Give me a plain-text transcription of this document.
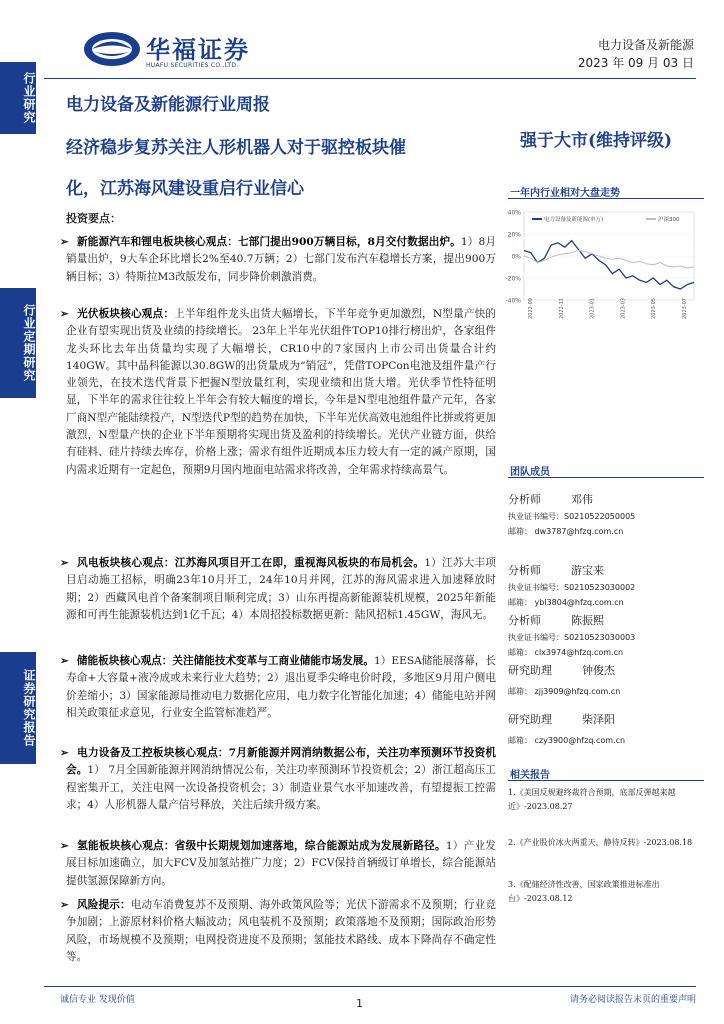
行业研究
行业定期研究
证券研究报告
华福证券
HUAFU SECURITIES CO.,LTD.
电力设备及新能源
2023 年 09 月 03 日
电力设备及新能源行业周报
经济稳步复苏关注人形机器人对于驱控板块催
化，江苏海风建设重启行业信心
强于大市(维持评级)
投资要点：
➢ 新能源汽车和锂电板块核心观点：七部门提出900万辆目标，8月交付数据出炉。1）8月销量出炉，9大车企环比增长2%至40.7万辆；2）七部门发布汽车稳增长方案，提出900万辆目标；3）特斯拉M3改版发布，同步降价刺激消费。
➢ 光伏板块核心观点：上半年组件龙头出货大幅增长，下半年竞争更加激烈，N型量产快的企业有望实现出货及业绩的持续增长。 23年上半年光伏组件TOP10排行榜出炉，各家组件龙头环比去年出货量均实现了大幅增长，CR10中的7家国内上市公司出货量合计约140GW。其中晶科能源以30.8GW的出货量成为“销冠”，凭借TOPCon电池及组件量产行业领先，在技术迭代背景下把握N型放量红利，实现业绩和出货大增。光伏季节性特征明显，下半年的需求往往较上半年会有较大幅度的增长，今年是N型电池组件量产元年，各家厂商N型产能陆续投产，N型迭代P型的趋势在加快，下半年光伏高效电池组件比拼或将更加激烈，N型量产快的企业下半年预期将实现出货及盈利的持续增长。光伏产业链方面，供给有硅料、硅片持续去库存，价格上涨；需求有组件近期成本压力较大有一定的减产原期，国内需求近期有一定起色，预期9月国内地面电站需求将改善，全年需求持续高景气。
➢ 风电板块核心观点：江苏海风项目开工在即，重视海风板块的布局机会。1）江苏大丰项目启动施工招标，明确23年10月开工，24年10月并网，江苏的海风需求进入加速释放时期；2）西藏风电首个备案制项目顺利完成；3）山东再提高新能源装机规模，2025年新能源和可再生能源装机达到1亿千瓦；4）本周招投标数据更新：陆风招标1.45GW，海风无。
➢ 储能板块核心观点：关注储能技术变革与工商业储能市场发展。1）EESA储能展落幕，长寿命+大容量+液冷成或未来行业大趋势；2）退出夏季尖峰电价时段，多地区9月用户侧电价差缩小；3）国家能源局推动电力数据化应用，电力数字化智能化加速；4）储能电站并网相关政策征求意见，行业安全监管标准趋严。
➢ 电力设备及工控板块核心观点：7月新能源并网消纳数据公布，关注功率预测环节投资机会。1） 7月全国新能源并网消纳情况公布，关注功率预测环节投资机会；2）浙江超高压工程密集开工，关注电网一次设备投资机会；3）制造业景气水平加速改善，有望提振工控需求；4）人形机器人量产信号释放，关注后续升级方案。
➢ 氢能板块核心观点：省级中长期规划加速落地，综合能源站成为发展新路径。1）产业发展目标加速确立，加大FCV及加氢站推广力度；2）FCV保持首辆级订单增长，综合能源站提供氢源保障新方向。
➢ 风险提示：电动车消费复苏不及预期、海外政策风险等；光伏下游需求不及预期；行业竞争加剧；上游原材料价格大幅波动；风电装机不及预期；政策落地不及预期；国际政治形势风险，市场规模不及预期；电网投资进度不及预期；氢能技术路线、成本下降尚存不确定性等。
一年内行业相对大盘走势
40%
20%
0%
-20%
-40% 2022-09	2022-11	2023-01	2023-03	2023-05	2023-07
电力设备及新能源(申万)	沪深300
团队成员
分析师	邓伟
执业证书编号：S0210522050005
邮箱： dw3787@hfzq.com.cn
分析师	游宝来
执业证书编号：S0210523030002
邮箱： ybl3804@hfzq.com.cn
分析师	陈振熙
执业证书编号：S0210523030003
邮箱： clx3974@hfzq.com.cn
研究助理	钟俊杰
邮箱： zjj3909@hfzq.com.cn
研究助理	柴泽阳
邮箱： czy3900@hfzq.com.cn
相关报告
1.《美国反规避终裁符合预期，底部反弹越来越近》-2023.08.27
2.《产业股价冰火两重天，静待反转》-2023.08.18
3.《配储经济性改善，国家政策推进标准出台》-2023.08.12
诚信专业 发现价值	1	请务必阅读报告末页的重要声明
